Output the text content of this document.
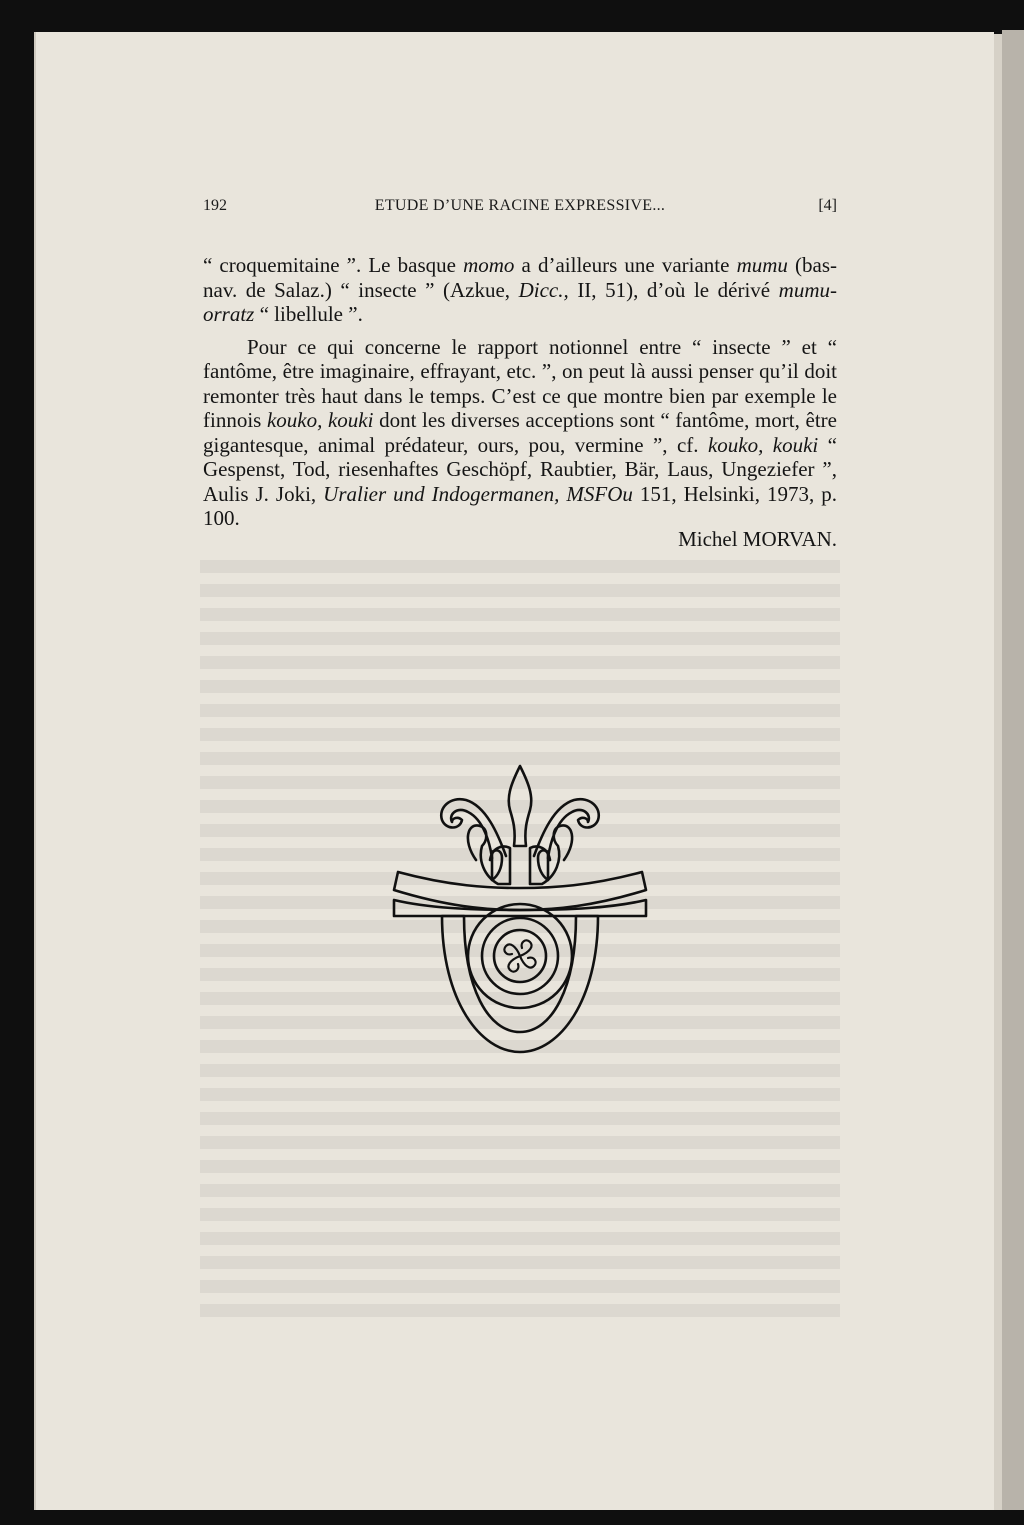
192	ETUDE D’UNE RACINE EXPRESSIVE...	[4]

“ croquemitaine ”. Le basque momo a d’ailleurs une variante mumu (bas-nav. de Salaz.) “ insecte ” (Azkue, Dicc., II, 51), d’où le dérivé mumu-orratz “ libellule ”.

Pour ce qui concerne le rapport notionnel entre “ insecte ” et “ fantôme, être imaginaire, effrayant, etc. ”, on peut là aussi penser qu’il doit remonter très haut dans le temps. C’est ce que montre bien par exemple le finnois kouko, kouki dont les diverses acceptions sont “ fantôme, mort, être gigantesque, animal prédateur, ours, pou, vermine ”, cf. kouko, kouki “ Gespenst, Tod, riesenhaftes Geschöpf, Raubtier, Bär, Laus, Ungeziefer ”, Aulis J. Joki, Uralier und Indogermanen, MSFOu 151, Helsinki, 1973, p. 100.

Michel MORVAN.
